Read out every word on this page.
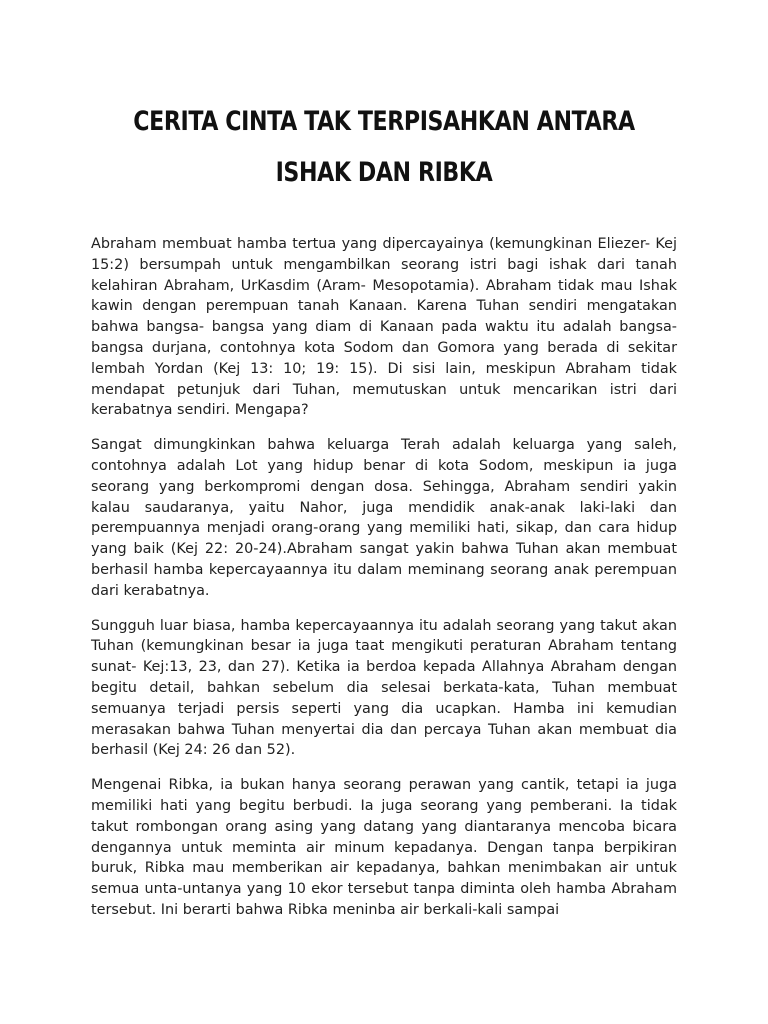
CERITA CINTA TAK TERPISAHKAN ANTARA
ISHAK DAN RIBKA

Abraham membuat hamba tertua yang dipercayainya (kemungkinan Eliezer- Kej 15:2) bersumpah untuk mengambilkan seorang istri bagi ishak dari tanah kelahiran Abraham, UrKasdim (Aram- Mesopotamia). Abraham tidak mau Ishak kawin dengan perempuan tanah Kanaan. Karena Tuhan sendiri mengatakan bahwa bangsa- bangsa yang diam di Kanaan pada waktu itu adalah bangsa- bangsa durjana, contohnya kota Sodom dan Gomora yang berada di sekitar lembah Yordan (Kej 13: 10; 19: 15). Di sisi lain, meskipun Abraham tidak mendapat petunjuk dari Tuhan, memutuskan untuk mencarikan istri dari kerabatnya sendiri. Mengapa?

Sangat dimungkinkan bahwa keluarga Terah adalah keluarga yang saleh, contohnya adalah Lot yang hidup benar di kota Sodom, meskipun ia juga seorang yang berkompromi dengan dosa. Sehingga, Abraham sendiri yakin kalau saudaranya, yaitu Nahor, juga mendidik anak-anak laki-laki dan perempuannya menjadi orang-orang yang memiliki hati, sikap, dan cara hidup yang baik (Kej 22: 20-24).Abraham sangat yakin bahwa Tuhan akan membuat berhasil hamba kepercayaannya itu dalam meminang seorang anak perempuan dari kerabatnya.

Sungguh luar biasa, hamba kepercayaannya itu adalah seorang yang takut akan Tuhan (kemungkinan besar ia juga taat mengikuti peraturan Abraham tentang sunat- Kej:13, 23, dan 27). Ketika ia berdoa kepada Allahnya Abraham dengan begitu detail, bahkan sebelum dia selesai berkata-kata, Tuhan membuat semuanya terjadi persis seperti yang dia ucapkan. Hamba ini kemudian merasakan bahwa Tuhan menyertai dia dan percaya Tuhan akan membuat dia berhasil (Kej 24: 26 dan 52).

Mengenai Ribka, ia bukan hanya seorang perawan yang cantik, tetapi ia juga memiliki hati yang begitu berbudi. Ia juga seorang yang pemberani. Ia tidak takut rombongan orang asing yang datang yang diantaranya mencoba bicara dengannya untuk meminta air minum kepadanya. Dengan tanpa berpikiran buruk, Ribka mau memberikan air kepadanya, bahkan menimbakan air untuk semua unta-untanya yang 10 ekor tersebut tanpa diminta oleh hamba Abraham tersebut. Ini berarti bahwa Ribka meninba air berkali-kali sampai
